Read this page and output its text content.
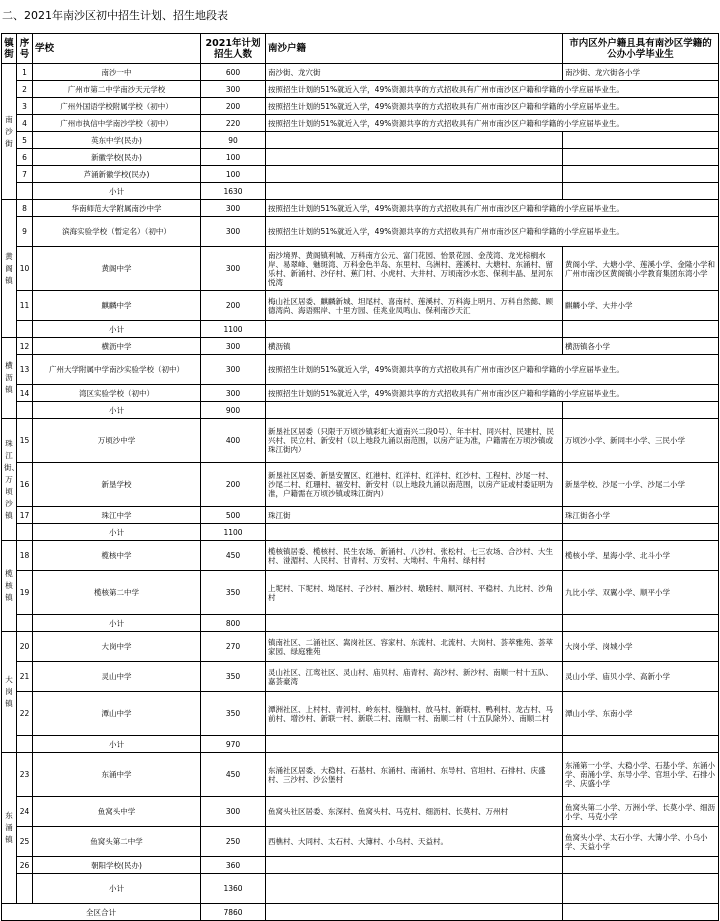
二、2021年南沙区初中招生计划、招生地段表
镇街	序号	学校	2021年计划招生人数	南沙户籍	市内区外户籍且具有南沙区学籍的公办小学毕业生
南沙街	1	南沙一中	600	南沙街、龙穴街	南沙街、龙穴街各小学
	2	广州市第二中学南沙天元学校	300	按照招生计划的51%就近入学，49%资源共享的方式招收具有广州市南沙区户籍和学籍的小学应届毕业生。	
	3	广州外国语学校附属学校（初中）	200	按照招生计划的51%就近入学，49%资源共享的方式招收具有广州市南沙区户籍和学籍的小学应届毕业生。	
	4	广州市执信中学南沙学校（初中）	220	按照招生计划的51%就近入学，49%资源共享的方式招收具有广州市南沙区户籍和学籍的小学应届毕业生。	
	5	英东中学(民办)	90		
	6	新徽学校(民办)	100		
	7	芦涌新徽学校(民办)	100		
		小计	1630		
黄阁镇	8	华南师范大学附属南沙中学	300	按照招生计划的51%就近入学，49%资源共享的方式招收具有广州市南沙区户籍和学籍的小学应届毕业生。	
	9	滨海实验学校（暂定名）（初中）	300	按照招生计划的51%就近入学，49%资源共享的方式招收具有广州市南沙区户籍和学籍的小学应届毕业生。	
	10	黄阁中学	300	南沙境界、黄阁镇利城、万科南方公元、富门花园、怡景花园、金茂湾、龙光棕榈水岸、易翠峰、魅斑湾、万科金色半岛、东里村、乌洲村、莲溪村、大塘村、东涌村、留乐村、新涌村、沙仔村、蕉门村、小虎村、大井村、万顷南沙水恋、保利丰晶、星河东悦湾	黄阁小学、大塘小学、莲溪小学、金隆小学和广州市南沙区黄阁镇小学教育集团东湾小学
	11	麒麟中学	200	梅山社区居委、麒麟新城、坦尾村、喜南村、莲溪村、万科海上明月、万科自然懿、顾德湾尚、海语熙岸、十里方园、佳兆业凤鸣山、保利南沙天汇	麒麟小学、大井小学
		小计	1100		
横沥镇	12	横沥中学	300	横沥镇	横沥镇各小学
	13	广州大学附属中学南沙实验学校（初中）	300	按照招生计划的51%就近入学，49%资源共享的方式招收具有广州市南沙区户籍和学籍的小学应届毕业生。	
	14	湾区实验学校（初中）	300	按照招生计划的51%就近入学，49%资源共享的方式招收具有广州市南沙区户籍和学籍的小学应届毕业生。	
		小计	900		
珠江街、万顷沙镇	15	万顷沙中学	400	新垦社区居委（只限于万顷沙镇彩虹大道南兴二段0号）、年丰村、同兴村、民建村、民兴村、民立村、新安村（以上地段九涌以南范围，以房产证为准，户籍需在万顷沙镇或珠江街内）	万顷沙小学、新同丰小学、三民小学
	16	新垦学校	200	新垦社区居委、新垦安置区、红港村、红洋村、红洋村、红沙村、工程村、沙尾一村、沙尾二村、红珊村、福安村、新安村（以上地段九涌以南范围，以房产证或村委证明为准，户籍需在万顷沙镇或珠江街内）	新垦学校、沙尾一小学、沙尾二小学
	17	珠江中学	500	珠江街	珠江街各小学
		小计	1100		
榄核镇	18	榄核中学	450	榄核镇居委、榄核村、民生农场、新涌村、八沙村、张松村、七三农场、合沙村、大生村、湴湄村、人民村、甘青村、万安村、大坳村、牛角村、绿村村	榄核小学、星海小学、北斗小学
	19	榄核第二中学	350	上坭村、下坭村、坳尾村、子沙村、雁沙村、墩睦村、顺河村、平稳村、九比村、沙角村	九比小学、双翼小学、顺平小学
		小计	800		
大岗镇	20	大岗中学	270	镇南社区、二涌社区、嵩岗社区、容家村、东流村、北流村、大岗村、荟萃雅苑、荟萃家园、绿庭雅苑	大岗小学、岗城小学
	21	灵山中学	350	灵山社区、江鸾社区、灵山村、庙贝村、庙青村、高沙村、新沙村、南顺一村十五队、嘉荟豪湾	灵山小学、庙贝小学、高新小学
	22	潭山中学	350	潭洲社区、上村村、青河村、岭东村、缝脑村、放马村、新联村、鸭利村、龙古村、马前村、增沙村、新联一村、新联二村、南顺一村、南顺二村（十五队除外）、南顺二村	潭山小学、东南小学
		小计	970		
东涌镇	23	东涌中学	450	东涌社区居委、大稳村、石基村、东涌村、南涌村、东导村、官坦村、石排村、庆盛村、三沙村、沙公堡村	东涌第一小学、大稳小学、石基小学、东涌小学、南涌小学、东导小学、官坦小学、石排小学、庆盛小学
	24	鱼窝头中学	300	鱼窝头社区居委、东深村、鱼窝头村、马克村、细沥村、长莫村、万州村	鱼窝头第二小学、万洲小学、长莫小学、细沥小学、马克小学
	25	鱼窝头第二中学	250	西樵村、大同村、太石村、大簿村、小乌村、天益村。	鱼窝头小学、太石小学、大簿小学、小乌小学、天益小学
	26	朝阳学校(民办)	360		
		小计	1360		
全区合计			7860		
